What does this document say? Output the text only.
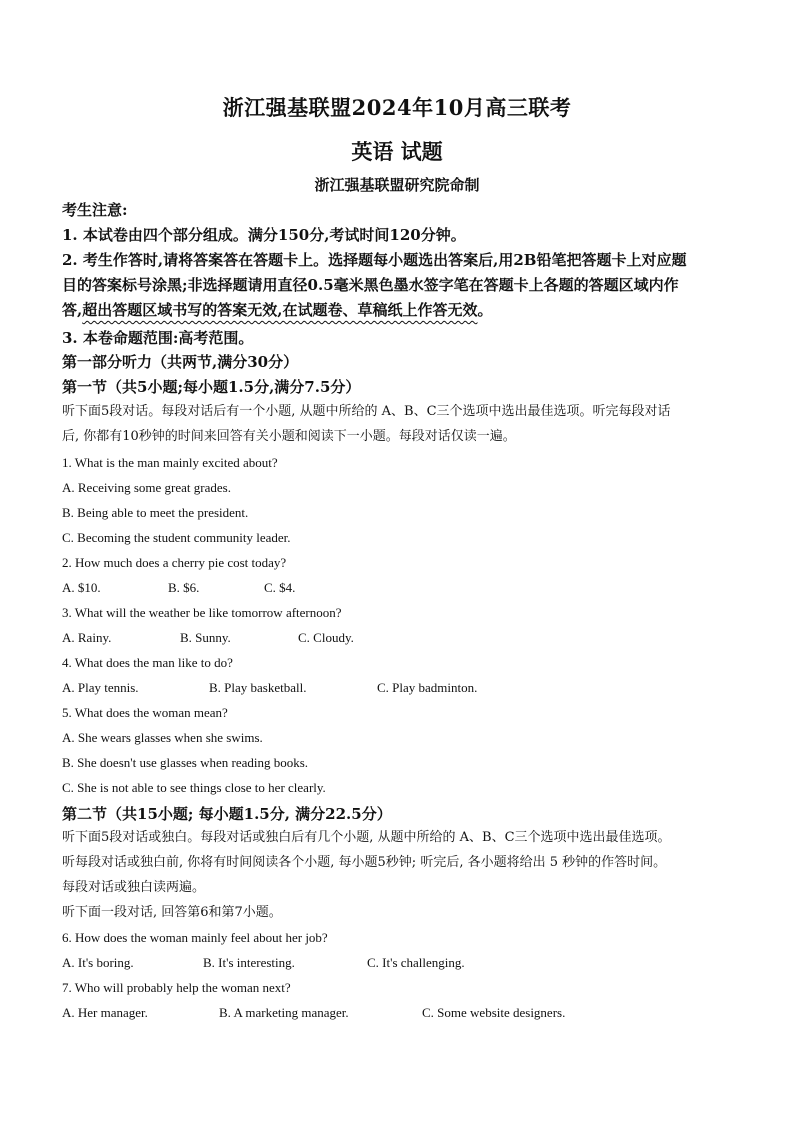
浙江强基联盟2024年10月高三联考
英语 试题
浙江强基联盟研究院命制
考生注意:
1. 本试卷由四个部分组成。满分150分,考试时间120分钟。
2. 考生作答时,请将答案答在答题卡上。选择题每小题选出答案后,用2B铅笔把答题卡上对应题
目的答案标号涂黑;非选择题请用直径0.5毫米黑色墨水签字笔在答题卡上各题的答题区域内作
答,超出答题区域书写的答案无效,在试题卷、草稿纸上作答无效。
3. 本卷命题范围:高考范围。
第一部分听力（共两节,满分30分）
第一节（共5小题;每小题1.5分,满分7.5分）
听下面5段对话。每段对话后有一个小题, 从题中所给的 A、B、C三个选项中选出最佳选项。听完每段对话
后, 你都有10秒钟的时间来回答有关小题和阅读下一小题。每段对话仅读一遍。
1. What is the man mainly excited about?
A. Receiving some great grades.
B. Being able to meet the president.
C. Becoming the student community leader.
2. How much does a cherry pie cost today?
A. $10.	B. $6.	C. $4.
3. What will the weather be like tomorrow afternoon?
A. Rainy.	B. Sunny.	C. Cloudy.
4. What does the man like to do?
A. Play tennis.	B. Play basketball.	C. Play badminton.
5. What does the woman mean?
A. She wears glasses when she swims.
B. She doesn't use glasses when reading books.
C. She is not able to see things close to her clearly.
第二节（共15小题; 每小题1.5分, 满分22.5分）
听下面5段对话或独白。每段对话或独白后有几个小题, 从题中所给的 A、B、C三个选项中选出最佳选项。
听每段对话或独白前, 你将有时间阅读各个小题, 每小题5秒钟; 听完后, 各小题将给出 5 秒钟的作答时间。
每段对话或独白读两遍。
听下面一段对话, 回答第6和第7小题。
6. How does the woman mainly feel about her job?
A. It's boring.	B. It's interesting.	C. It's challenging.
7. Who will probably help the woman next?
A. Her manager.	B. A marketing manager.	C. Some website designers.
